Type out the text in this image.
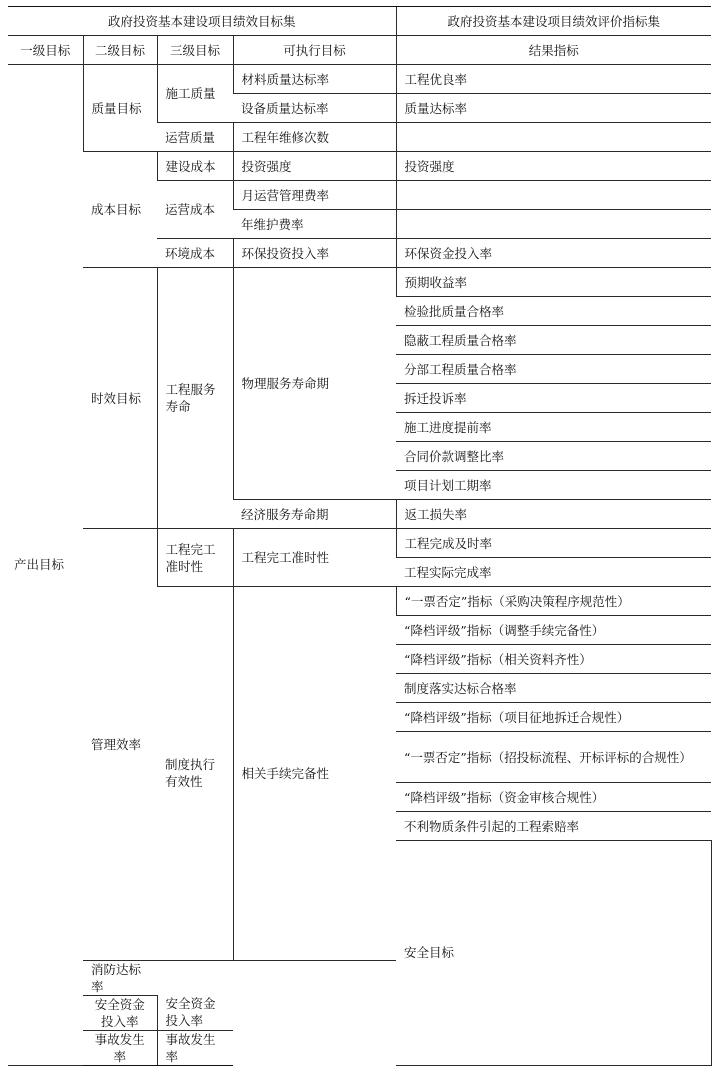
政府投资基本建设项目绩效目标集				政府投资基本建设项目绩效评价指标集	
一级目标	二级目标	三级目标	可执行目标	结果指标	
产出目标	质量目标	施工质量	材料质量达标率	工程优良率	
			设备质量达标率	质量达标率	
		运营质量	工程年维修次数		
	成本目标	建设成本	投资强度	投资强度	
		运营成本	月运营管理费率		
			年维护费率		
		环境成本	环保投资投入率	环保资金投入率	
	时效目标	工程服务寿命	物理服务寿命期	预期收益率	
				检验批质量合格率	
				隐蔽工程质量合格率	
				分部工程质量合格率	
				拆迁投诉率	
				施工进度提前率	
				合同价款调整比率	
				项目计划工期率	
			经济服务寿命期	返工损失率	
	管理效率	工程完工准时性	工程完工准时性	工程完成及时率	
				工程实际完成率	
		制度执行有效性	相关手续完备性	“一票否定”指标（采购决策程序规范性）	
				“降档评级”指标（调整手续完备性）	
				“降档评级”指标（相关资料齐性）	
				制度落实达标合格率	
				“降档评级”指标（项目征地拆迁合规性）	
				“一票否定”指标（招投标流程、开标评标的合规性）	
				“降档评级”指标（资金审核合规性）	
				不利物质条件引起的工程索赔率	
				安全目标			
	消防达标率				
	安全资金投入率	安全资金投入率			
	事故发生率	事故发生率			
